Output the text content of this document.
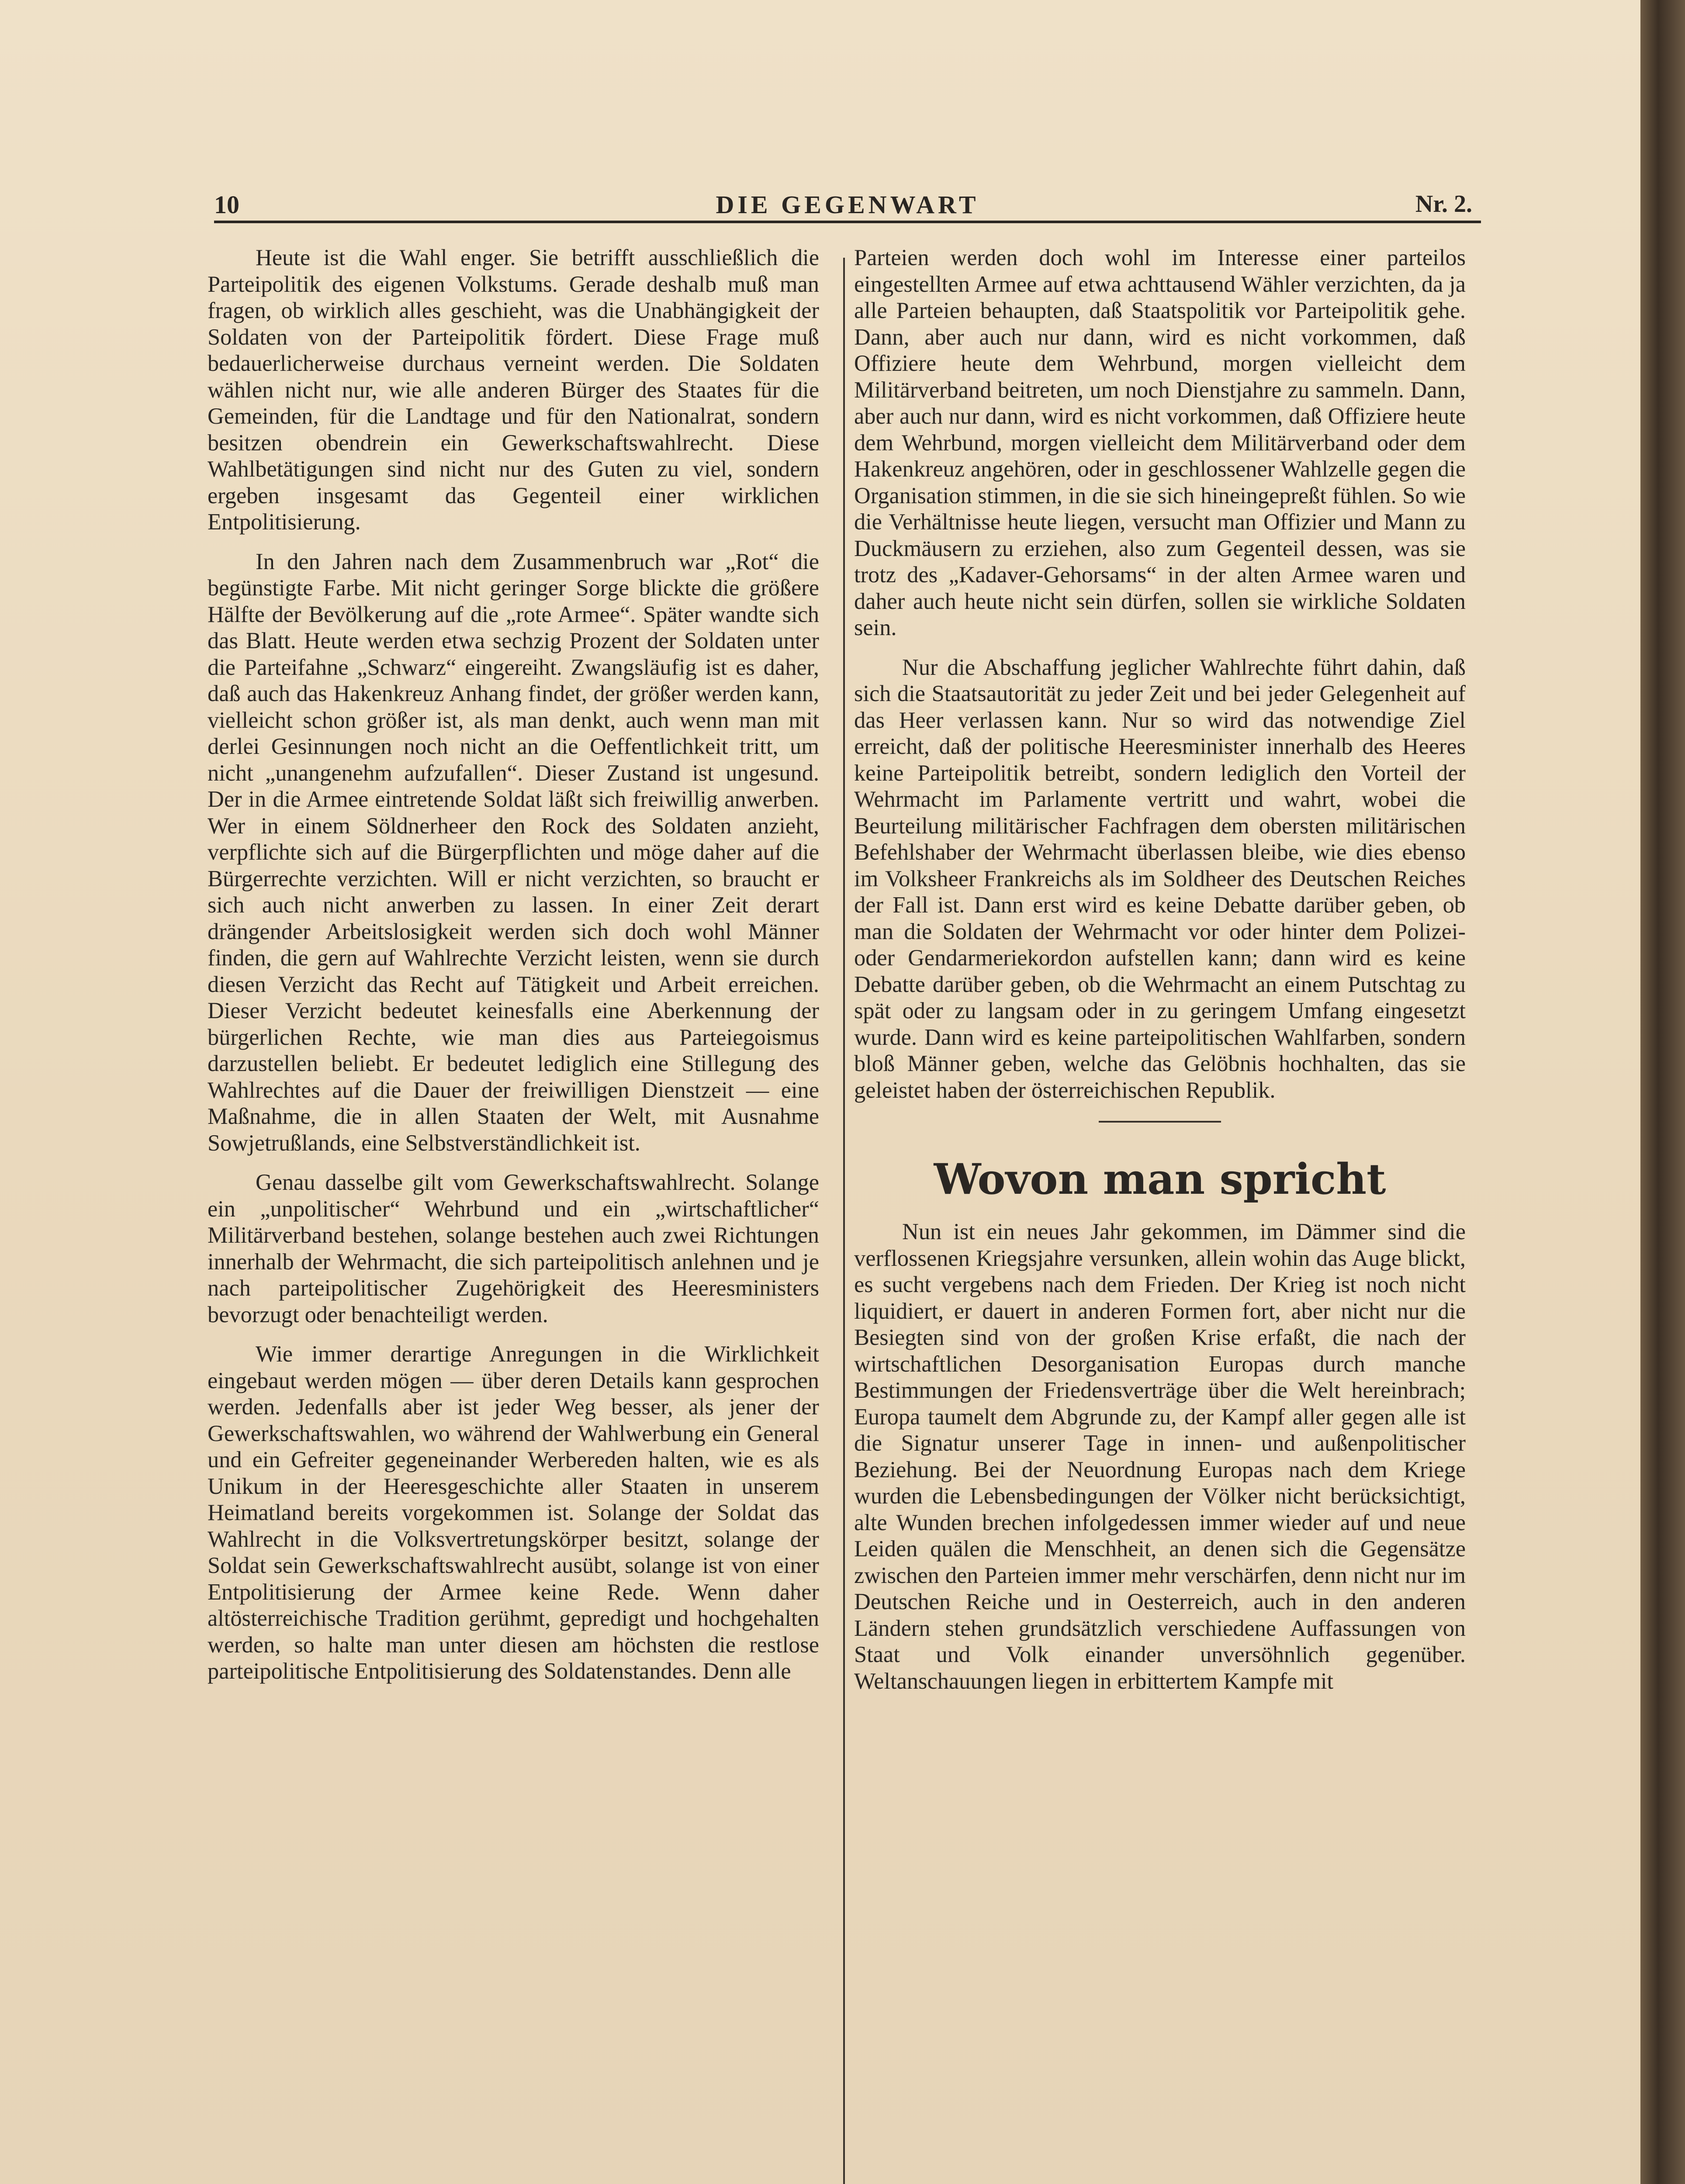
10	DIE GEGENWART	Nr. 2.

Heute ist die Wahl enger. Sie betrifft ausschließlich die Parteipolitik des eigenen Volkstums. Gerade deshalb muß man fragen, ob wirklich alles geschieht, was die Unabhängigkeit der Soldaten von der Parteipolitik fördert. Diese Frage muß bedauerlicherweise durchaus verneint werden. Die Soldaten wählen nicht nur, wie alle anderen Bürger des Staates für die Gemeinden, für die Landtage und für den Nationalrat, sondern besitzen obendrein ein Gewerkschaftswahlrecht. Diese Wahlbetätigungen sind nicht nur des Guten zu viel, sondern ergeben insgesamt das Gegenteil einer wirklichen Entpolitisierung.

In den Jahren nach dem Zusammenbruch war „Rot“ die begünstigte Farbe. Mit nicht geringer Sorge blickte die größere Hälfte der Bevölkerung auf die „rote Armee“. Später wandte sich das Blatt. Heute werden etwa sechzig Prozent der Soldaten unter die Parteifahne „Schwarz“ eingereiht. Zwangsläufig ist es daher, daß auch das Hakenkreuz Anhang findet, der größer werden kann, vielleicht schon größer ist, als man denkt, auch wenn man mit derlei Gesinnungen noch nicht an die Oeffentlichkeit tritt, um nicht „unangenehm aufzufallen“. Dieser Zustand ist ungesund. Der in die Armee eintretende Soldat läßt sich freiwillig anwerben. Wer in einem Söldnerheer den Rock des Soldaten anzieht, verpflichte sich auf die Bürgerpflichten und möge daher auf die Bürgerrechte verzichten. Will er nicht verzichten, so braucht er sich auch nicht anwerben zu lassen. In einer Zeit derart drängender Arbeitslosigkeit werden sich doch wohl Männer finden, die gern auf Wahlrechte Verzicht leisten, wenn sie durch diesen Verzicht das Recht auf Tätigkeit und Arbeit erreichen. Dieser Verzicht bedeutet keinesfalls eine Aberkennung der bürgerlichen Rechte, wie man dies aus Parteiegoismus darzustellen beliebt. Er bedeutet lediglich eine Stillegung des Wahlrechtes auf die Dauer der freiwilligen Dienstzeit — eine Maßnahme, die in allen Staaten der Welt, mit Ausnahme Sowjetrußlands, eine Selbstverständlichkeit ist.

Genau dasselbe gilt vom Gewerkschaftswahlrecht. Solange ein „unpolitischer“ Wehrbund und ein „wirtschaftlicher“ Militärverband bestehen, solange bestehen auch zwei Richtungen innerhalb der Wehrmacht, die sich parteipolitisch anlehnen und je nach parteipolitischer Zugehörigkeit des Heeresministers bevorzugt oder benachteiligt werden.

Wie immer derartige Anregungen in die Wirklichkeit eingebaut werden mögen — über deren Details kann gesprochen werden. Jedenfalls aber ist jeder Weg besser, als jener der Gewerkschaftswahlen, wo während der Wahlwerbung ein General und ein Gefreiter gegeneinander Werbereden halten, wie es als Unikum in der Heeresgeschichte aller Staaten in unserem Heimatland bereits vorgekommen ist. Solange der Soldat das Wahlrecht in die Volksvertretungskörper besitzt, solange der Soldat sein Gewerkschaftswahlrecht ausübt, solange ist von einer Entpolitisierung der Armee keine Rede. Wenn daher altösterreichische Tradition gerühmt, gepredigt und hochgehalten werden, so halte man unter diesen am höchsten die restlose parteipolitische Entpolitisierung des Soldatenstandes. Denn alle

Parteien werden doch wohl im Interesse einer parteilos eingestellten Armee auf etwa achttausend Wähler verzichten, da ja alle Parteien behaupten, daß Staatspolitik vor Parteipolitik gehe. Dann, aber auch nur dann, wird es nicht vorkommen, daß Offiziere heute dem Wehrbund, morgen vielleicht dem Militärverband beitreten, um noch Dienstjahre zu sammeln. Dann, aber auch nur dann, wird es nicht vorkommen, daß Offiziere heute dem Wehrbund, morgen vielleicht dem Militärverband oder dem Hakenkreuz angehören, oder in geschlossener Wahlzelle gegen die Organisation stimmen, in die sie sich hineingepreßt fühlen. So wie die Verhältnisse heute liegen, versucht man Offizier und Mann zu Duckmäusern zu erziehen, also zum Gegenteil dessen, was sie trotz des „Kadaver-Gehorsams“ in der alten Armee waren und daher auch heute nicht sein dürfen, sollen sie wirkliche Soldaten sein.

Nur die Abschaffung jeglicher Wahlrechte führt dahin, daß sich die Staatsautorität zu jeder Zeit und bei jeder Gelegenheit auf das Heer verlassen kann. Nur so wird das notwendige Ziel erreicht, daß der politische Heeresminister innerhalb des Heeres keine Parteipolitik betreibt, sondern lediglich den Vorteil der Wehrmacht im Parlamente vertritt und wahrt, wobei die Beurteilung militärischer Fachfragen dem obersten militärischen Befehlshaber der Wehrmacht überlassen bleibe, wie dies ebenso im Volksheer Frankreichs als im Soldheer des Deutschen Reiches der Fall ist. Dann erst wird es keine Debatte darüber geben, ob man die Soldaten der Wehrmacht vor oder hinter dem Polizei- oder Gendarmeriekordon aufstellen kann; dann wird es keine Debatte darüber geben, ob die Wehrmacht an einem Putschtag zu spät oder zu langsam oder in zu geringem Umfang eingesetzt wurde. Dann wird es keine parteipolitischen Wahlfarben, sondern bloß Männer geben, welche das Gelöbnis hochhalten, das sie geleistet haben der österreichischen Republik.

Wovon man spricht

Nun ist ein neues Jahr gekommen, im Dämmer sind die verflossenen Kriegsjahre versunken, allein wohin das Auge blickt, es sucht vergebens nach dem Frieden. Der Krieg ist noch nicht liquidiert, er dauert in anderen Formen fort, aber nicht nur die Besiegten sind von der großen Krise erfaßt, die nach der wirtschaftlichen Desorganisation Europas durch manche Bestimmungen der Friedensverträge über die Welt hereinbrach; Europa taumelt dem Abgrunde zu, der Kampf aller gegen alle ist die Signatur unserer Tage in innen- und außenpolitischer Beziehung. Bei der Neuordnung Europas nach dem Kriege wurden die Lebensbedingungen der Völker nicht berücksichtigt, alte Wunden brechen infolgedessen immer wieder auf und neue Leiden quälen die Menschheit, an denen sich die Gegensätze zwischen den Parteien immer mehr verschärfen, denn nicht nur im Deutschen Reiche und in Oesterreich, auch in den anderen Ländern stehen grundsätzlich verschiedene Auffassungen von Staat und Volk einander unversöhnlich gegenüber. Weltanschauungen liegen in erbittertem Kampfe mit
